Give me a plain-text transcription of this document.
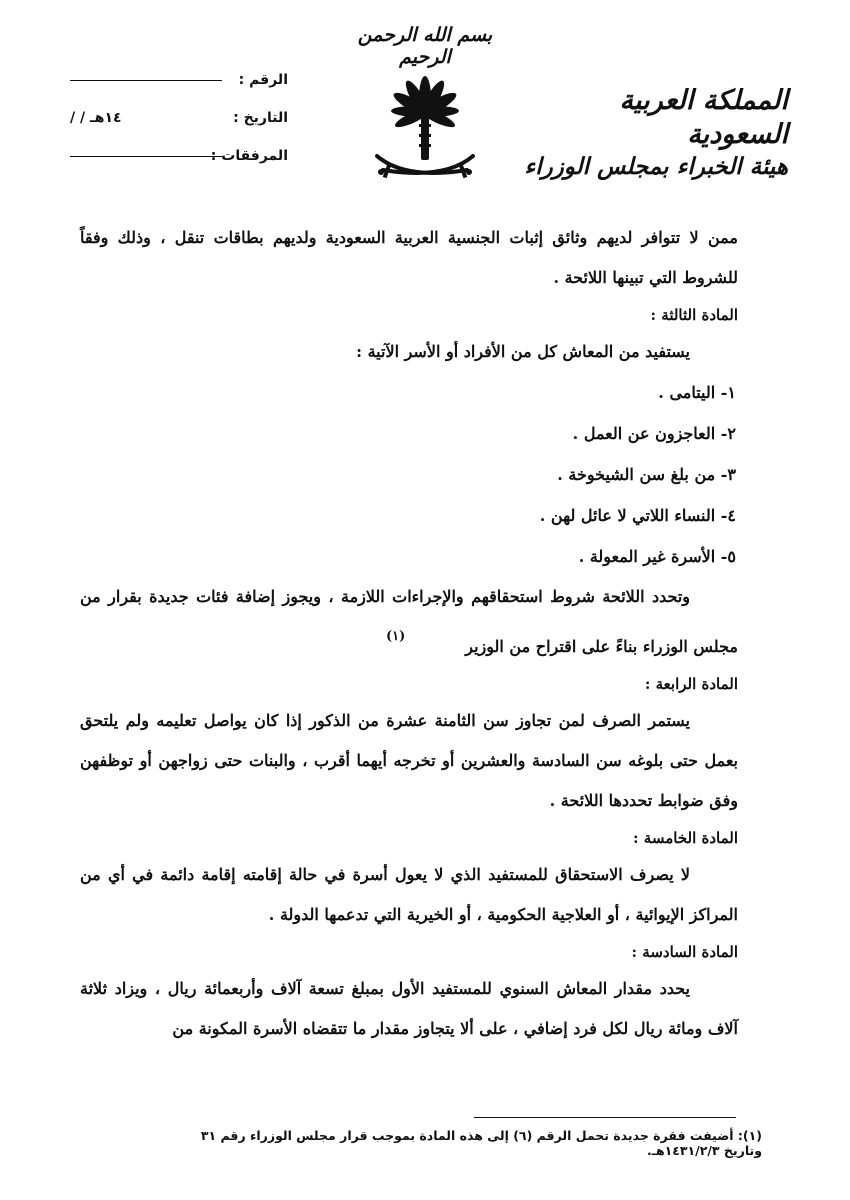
بسم الله الرحمن الرحيم
المملكة العربية السعودية
هيئة الخبراء بمجلس الوزراء
الرقم :
التاريخ :
/ / ١٤هـ
المرفقات :

ممن لا تتوافر لديهم وثائق إثبات الجنسية العربية السعودية ولديهم بطاقات تنقل ، وذلك وفقاً للشروط التي تبينها اللائحة .

المادة الثالثة :

يستفيد من المعاش كل من الأفراد أو الأسر الآتية :

١- اليتامى .

٢- العاجزون عن العمل .

٣- من بلغ سن الشيخوخة .

٤- النساء اللاتي لا عائل لهن .

٥- الأسرة غير المعولة .

وتحدد اللائحة شروط استحقاقهم والإجراءات اللازمة ، ويجوز إضافة فئات جديدة بقرار من مجلس الوزراء بناءً على اقتراح من الوزير$^{(١)}$

المادة الرابعة :

يستمر الصرف لمن تجاوز سن الثامنة عشرة من الذكور إذا كان يواصل تعليمه ولم يلتحق بعمل حتى بلوغه سن السادسة والعشرين أو تخرجه أيهما أقرب ، والبنات حتى زواجهن أو توظفهن وفق ضوابط تحددها اللائحة .

المادة الخامسة :

لا يصرف الاستحقاق للمستفيد الذي لا يعول أسرة في حالة إقامته إقامة دائمة في أي من المراكز الإيوائية ، أو العلاجية الحكومية ، أو الخيرية التي تدعمها الدولة .

المادة السادسة :

يحدد مقدار المعاش السنوي للمستفيد الأول بمبلغ تسعة آلاف وأربعمائة ريال ، ويزاد ثلاثة آلاف ومائة ريال لكل فرد إضافي ، على ألا يتجاوز مقدار ما تتقضاه الأسرة المكونة من

(١): أضيفت فقرة جديدة تحمل الرقم (٦) إلى هذه المادة بموجب قرار مجلس الوزراء رقم ٣١ وتاريخ ١٤٣١/٢/٣هـ.
